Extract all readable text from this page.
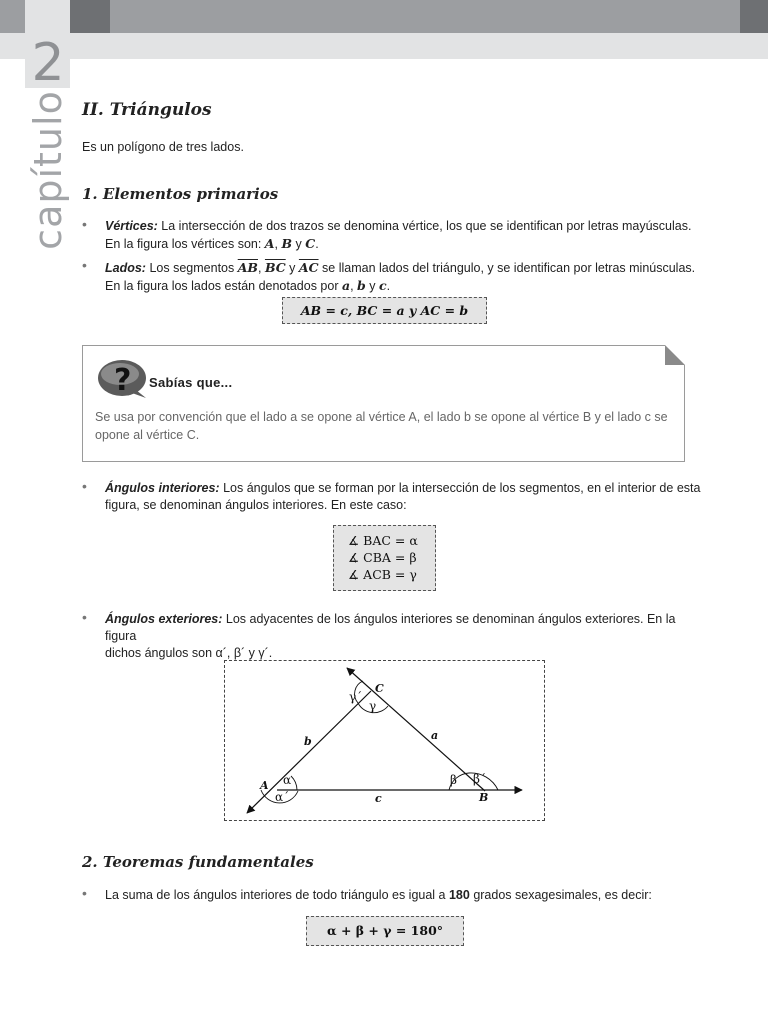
2
capítulo II. Triángulos
Es un polígono de tres lados.
1. Elementos primarios
• Vértices: La intersección de dos trazos se denomina vértice, los que se identifican por letras mayúsculas.
En la figura los vértices son: A, B y C.
• Lados: Los segmentos $\overline{AB}$, $\overline{BC}$ y $\overline{AC}$ se llaman lados del triángulo, y se identifican por letras minúsculas.
En la figura los lados están denotados por a, b y c.
AB = c, BC = a y AC = b
? Sabías que...
Se usa por convención que el lado a se opone al vértice A, el lado b se opone al vértice B y el lado c se opone al vértice C.
• Ángulos interiores: Los ángulos que se forman por la intersección de los segmentos, en el interior de esta
figura, se denominan ángulos interiores. En este caso:
∡ BAC = α
∡ CBA = β
∡ ACB = γ
• Ángulos exteriores: Los adyacentes de los ángulos interiores se denominan ángulos exteriores. En la figura
dichos ángulos son α´, β´ y γ´.
A
B
C
a
b
c
α
α´
β β´
γ
γ´
2. Teoremas fundamentales
• La suma de los ángulos interiores de todo triángulo es igual a 180 grados sexagesimales, es decir:
α + β + γ = 180°
